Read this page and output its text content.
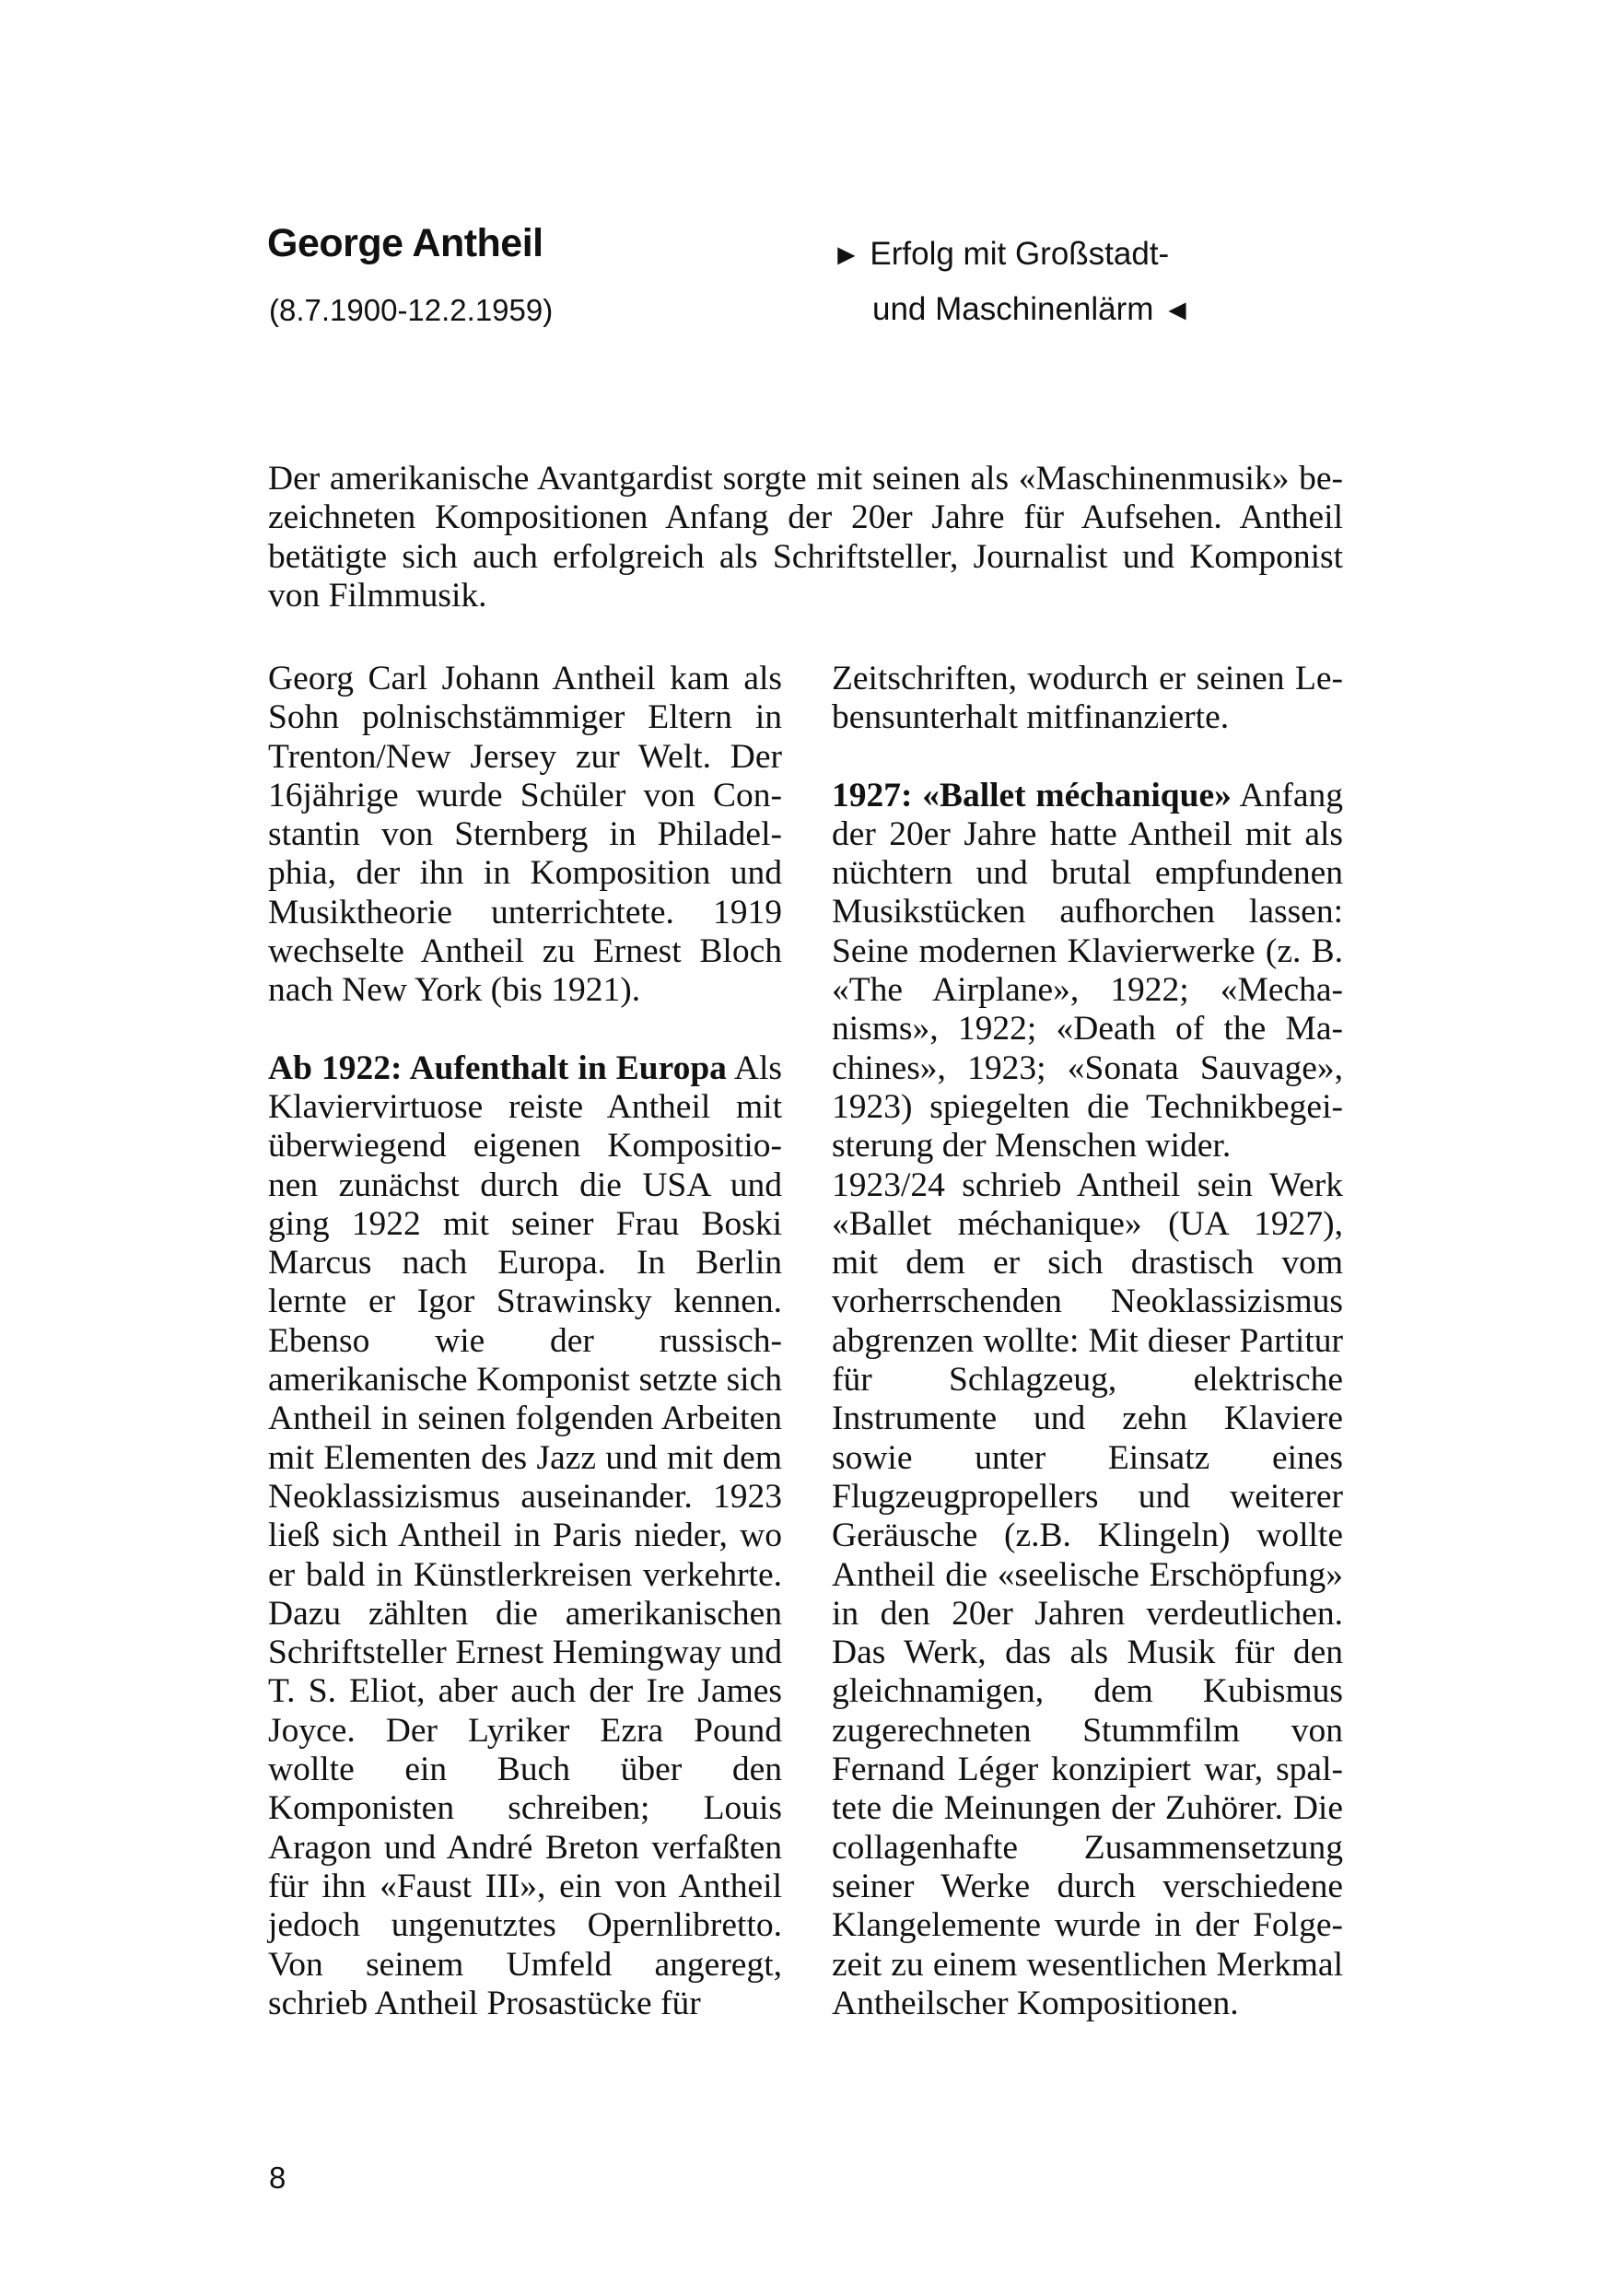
George Antheil

(8.7.1900-12.2.1959)

► Erfolg mit Großstadt-
und Maschinenlärm ◄

Der amerikanische Avantgardist sorgte mit seinen als «Maschinenmusik» bezeichneten Kompositionen Anfang der 20er Jahre für Aufsehen. Antheil betätigte sich auch erfolgreich als Schriftsteller, Journalist und Komponist von Filmmusik.

Georg Carl Johann Antheil kam als Sohn polnischstämmiger Eltern in Trenton/New Jersey zur Welt. Der 16jährige wurde Schüler von Constantin von Sternberg in Philadelphia, der ihn in Komposition und Musiktheorie unterrichtete. 1919 wechselte Antheil zu Ernest Bloch nach New York (bis 1921).

Ab 1922: Aufenthalt in Europa Als Klaviervirtuose reiste Antheil mit überwiegend eigenen Kompositionen zunächst durch die USA und ging 1922 mit seiner Frau Boski Marcus nach Europa. In Berlin lernte er Igor Strawinsky kennen. Ebenso wie der russisch-amerikanische Komponist setzte sich Antheil in seinen folgenden Arbeiten mit Elementen des Jazz und mit dem Neoklassizismus auseinander. 1923 ließ sich Antheil in Paris nieder, wo er bald in Künstlerkreisen verkehrte. Dazu zählten die amerikanischen Schriftsteller Ernest Hemingway und T. S. Eliot, aber auch der Ire James Joyce. Der Lyriker Ezra Pound wollte ein Buch über den Komponisten schreiben; Louis Aragon und André Breton verfaßten für ihn «Faust III», ein von Antheil jedoch ungenutztes Opernlibretto. Von seinem Umfeld angeregt, schrieb Antheil Prosastücke für

Zeitschriften, wodurch er seinen Lebensunterhalt mitfinanzierte.

1927: «Ballet méchanique» Anfang der 20er Jahre hatte Antheil mit als nüchtern und brutal empfundenen Musikstücken aufhorchen lassen: Seine modernen Klavierwerke (z. B. «The Airplane», 1922; «Mechanisms», 1922; «Death of the Machines», 1923; «Sonata Sauvage», 1923) spiegelten die Technikbegeisterung der Menschen wider.

1923/24 schrieb Antheil sein Werk «Ballet méchanique» (UA 1927), mit dem er sich drastisch vom vorherrschenden Neoklassizismus abgrenzen wollte: Mit dieser Partitur für Schlagzeug, elektrische Instrumente und zehn Klaviere sowie unter Einsatz eines Flugzeugpropellers und weiterer Geräusche (z.B. Klingeln) wollte Antheil die «seelische Erschöpfung» in den 20er Jahren verdeutlichen. Das Werk, das als Musik für den gleichnamigen, dem Kubismus zugerechneten Stummfilm von Fernand Léger konzipiert war, spaltete die Meinungen der Zuhörer. Die collagenhafte Zusammensetzung seiner Werke durch verschiedene Klangelemente wurde in der Folgezeit zu einem wesentlichen Merkmal Antheilscher Kompositionen.

8
